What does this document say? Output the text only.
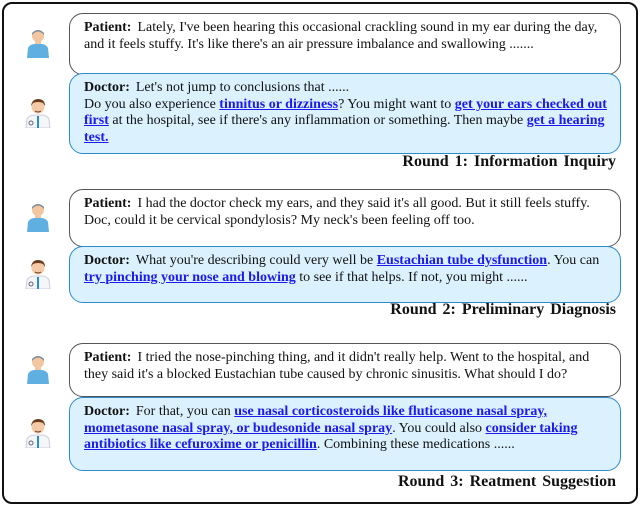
Patient: Lately, I've been hearing this occasional crackling sound in my ear during the day, and it feels stuffy. It's like there's an air pressure imbalance and swallowing .......
Doctor: Let's not jump to conclusions that ......
Do you also experience tinnitus or dizziness? You might want to get your ears checked out first at the hospital, see if there's any inflammation or something. Then maybe get a hearing test.
Round 1: Information Inquiry
Patient: I had the doctor check my ears, and they said it's all good. But it still feels stuffy. Doc, could it be cervical spondylosis? My neck's been feeling off too.
Doctor: What you're describing could very well be Eustachian tube dysfunction. You can try pinching your nose and blowing to see if that helps. If not, you might ......
Round 2: Preliminary Diagnosis
Patient: I tried the nose-pinching thing, and it didn't really help. Went to the hospital, and they said it's a blocked Eustachian tube caused by chronic sinusitis. What should I do?
Doctor: For that, you can use nasal corticosteroids like fluticasone nasal spray, mometasone nasal spray, or budesonide nasal spray. You could also consider taking antibiotics like cefuroxime or penicillin. Combining these medications ......
Round 3: Reatment Suggestion
